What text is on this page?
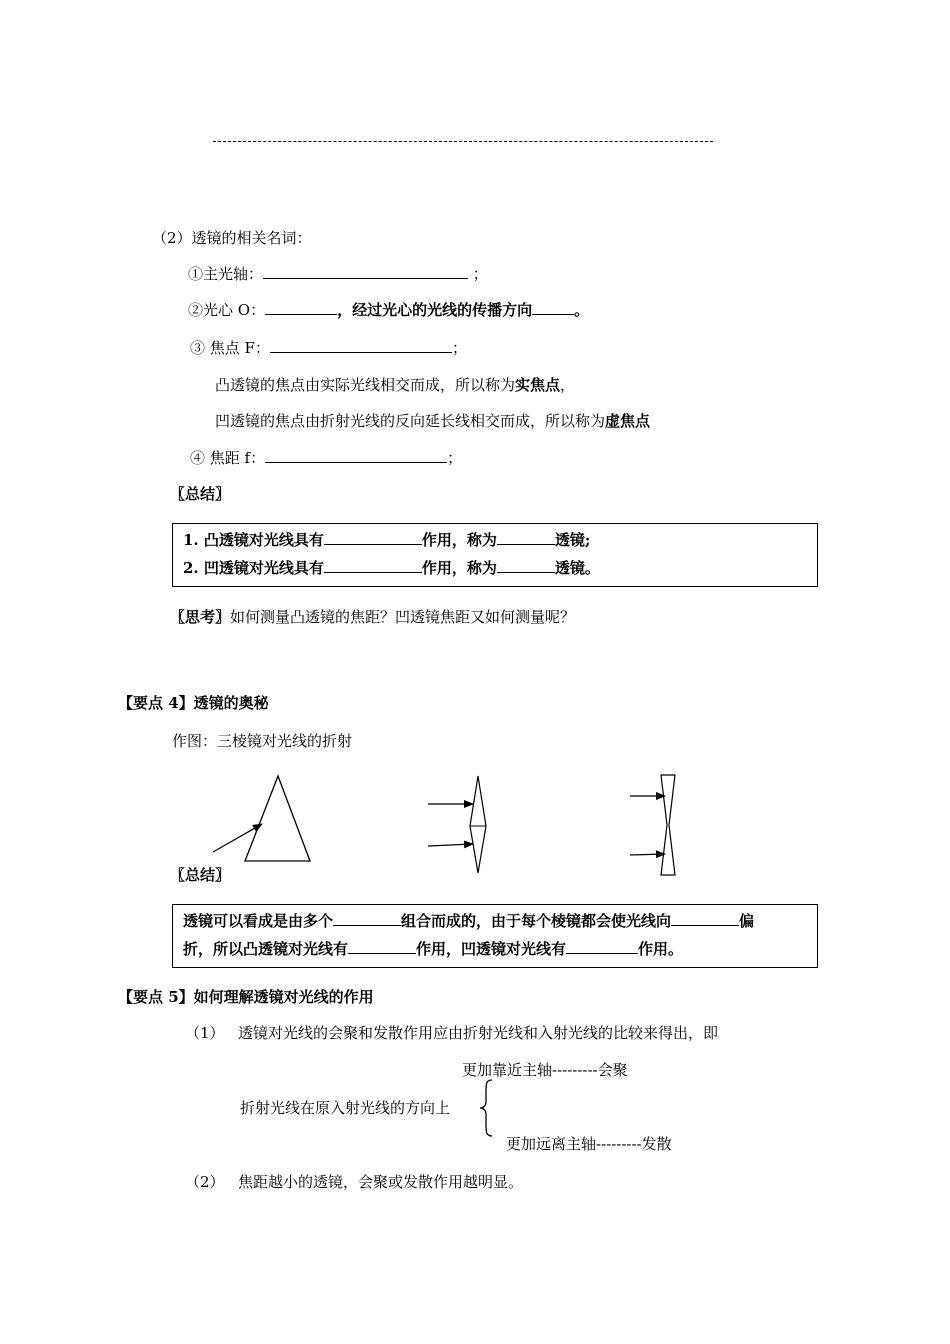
（2）透镜的相关名词：
①主光轴：	；
②光心 O：	，经过光心的光线的传播方向	。
③ 焦点 F：	；
凸透镜的焦点由实际光线相交而成，所以称为实焦点，
凹透镜的焦点由折射光线的反向延长线相交而成，所以称为虚焦点
④ 焦距 f：	；
〖总结〗
1. 凸透镜对光线具有	作用，称为	透镜;
2. 凹透镜对光线具有	作用，称为	透镜。
〖思考〗如何测量凸透镜的焦距？凹透镜焦距又如何测量呢？
【要点 4】透镜的奥秘
作图：三棱镜对光线的折射
〖总结〗
透镜可以看成是由多个	组合而成的，由于每个棱镜都会使光线向	偏
折，所以凸透镜对光线有	作用，凹透镜对光线有	作用。
【要点 5】如何理解透镜对光线的作用
（1） 透镜对光线的会聚和发散作用应由折射光线和入射光线的比较来得出，即
更加靠近主轴---------会聚
折射光线在原入射光线的方向上
更加远离主轴---------发散
（2） 焦距越小的透镜，会聚或发散作用越明显。
